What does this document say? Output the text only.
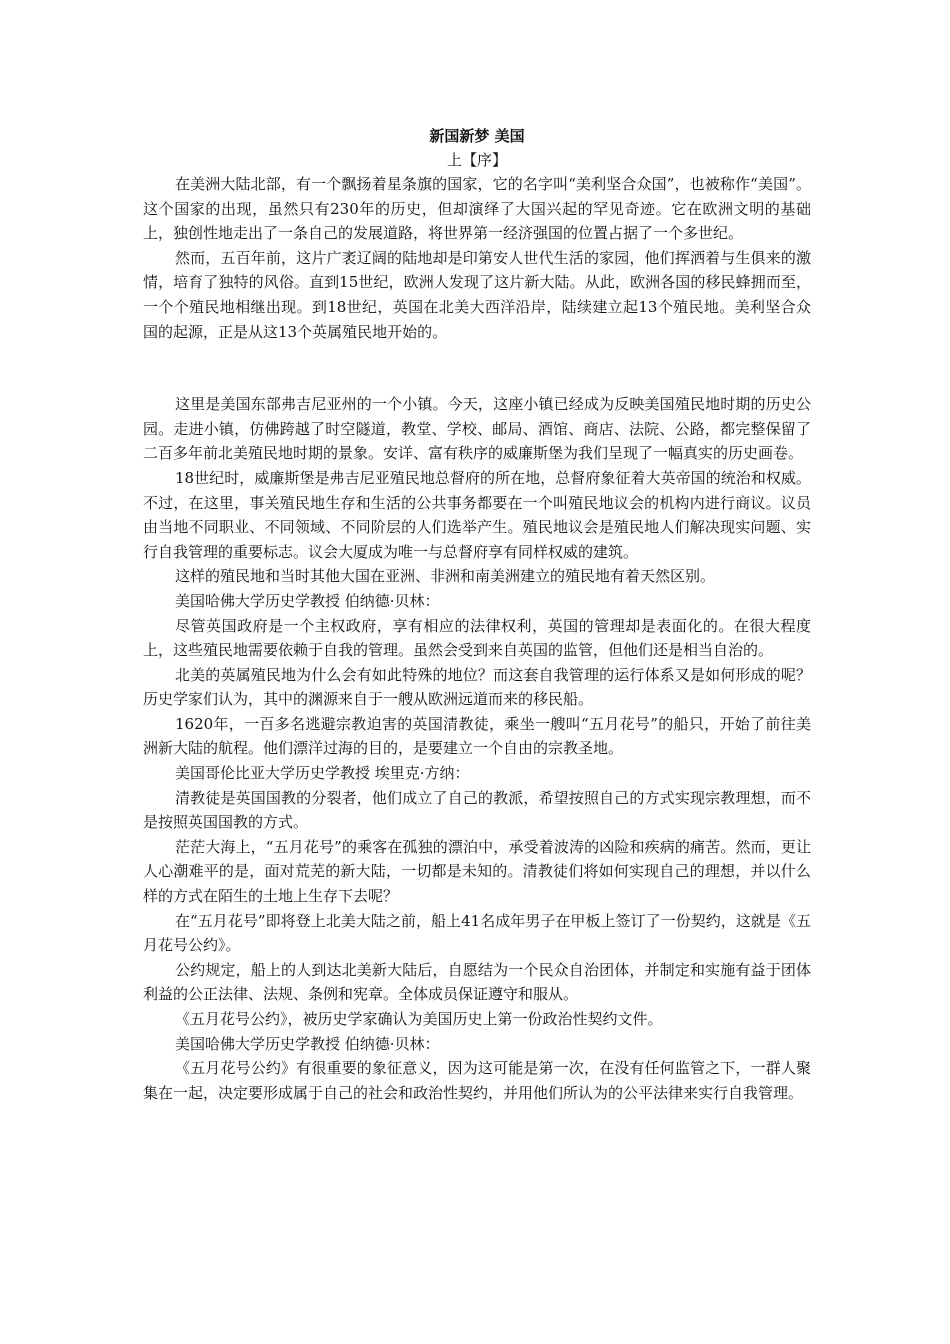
新国新梦 美国
上【序】

在美洲大陆北部，有一个飘扬着星条旗的国家，它的名字叫“美利坚合众国”，也被称作“美国”。这个国家的出现，虽然只有230年的历史，但却演绎了大国兴起的罕见奇迹。它在欧洲文明的基础上，独创性地走出了一条自己的发展道路，将世界第一经济强国的位置占据了一个多世纪。

然而，五百年前，这片广袤辽阔的陆地却是印第安人世代生活的家园，他们挥洒着与生俱来的激情，培育了独特的风俗。直到15世纪，欧洲人发现了这片新大陆。从此，欧洲各国的移民蜂拥而至，一个个殖民地相继出现。到18世纪，英国在北美大西洋沿岸，陆续建立起13个殖民地。美利坚合众国的起源，正是从这13个英属殖民地开始的。

这里是美国东部弗吉尼亚州的一个小镇。今天，这座小镇已经成为反映美国殖民地时期的历史公园。走进小镇，仿佛跨越了时空隧道，教堂、学校、邮局、酒馆、商店、法院、公路，都完整保留了二百多年前北美殖民地时期的景象。安详、富有秩序的威廉斯堡为我们呈现了一幅真实的历史画卷。

18世纪时，威廉斯堡是弗吉尼亚殖民地总督府的所在地，总督府象征着大英帝国的统治和权威。不过，在这里，事关殖民地生存和生活的公共事务都要在一个叫殖民地议会的机构内进行商议。议员由当地不同职业、不同领域、不同阶层的人们选举产生。殖民地议会是殖民地人们解决现实问题、实行自我管理的重要标志。议会大厦成为唯一与总督府享有同样权威的建筑。

这样的殖民地和当时其他大国在亚洲、非洲和南美洲建立的殖民地有着天然区别。

美国哈佛大学历史学教授 伯纳德·贝林：

尽管英国政府是一个主权政府，享有相应的法律权利，英国的管理却是表面化的。在很大程度上，这些殖民地需要依赖于自我的管理。虽然会受到来自英国的监管，但他们还是相当自治的。

北美的英属殖民地为什么会有如此特殊的地位？而这套自我管理的运行体系又是如何形成的呢？历史学家们认为，其中的渊源来自于一艘从欧洲远道而来的移民船。

1620年，一百多名逃避宗教迫害的英国清教徒，乘坐一艘叫“五月花号”的船只，开始了前往美洲新大陆的航程。他们漂洋过海的目的，是要建立一个自由的宗教圣地。

美国哥伦比亚大学历史学教授 埃里克·方纳：

清教徒是英国国教的分裂者，他们成立了自己的教派，希望按照自己的方式实现宗教理想，而不是按照英国国教的方式。

茫茫大海上，“五月花号”的乘客在孤独的漂泊中，承受着波涛的凶险和疾病的痛苦。然而，更让人心潮难平的是，面对荒芜的新大陆，一切都是未知的。清教徒们将如何实现自己的理想，并以什么样的方式在陌生的土地上生存下去呢？

在“五月花号”即将登上北美大陆之前，船上41名成年男子在甲板上签订了一份契约，这就是《五月花号公约》。

公约规定，船上的人到达北美新大陆后，自愿结为一个民众自治团体，并制定和实施有益于团体利益的公正法律、法规、条例和宪章。全体成员保证遵守和服从。

《五月花号公约》，被历史学家确认为美国历史上第一份政治性契约文件。

美国哈佛大学历史学教授 伯纳德·贝林：

《五月花号公约》有很重要的象征意义，因为这可能是第一次，在没有任何监管之下，一群人聚集在一起，决定要形成属于自己的社会和政治性契约，并用他们所认为的公平法律来实行自我管理。
